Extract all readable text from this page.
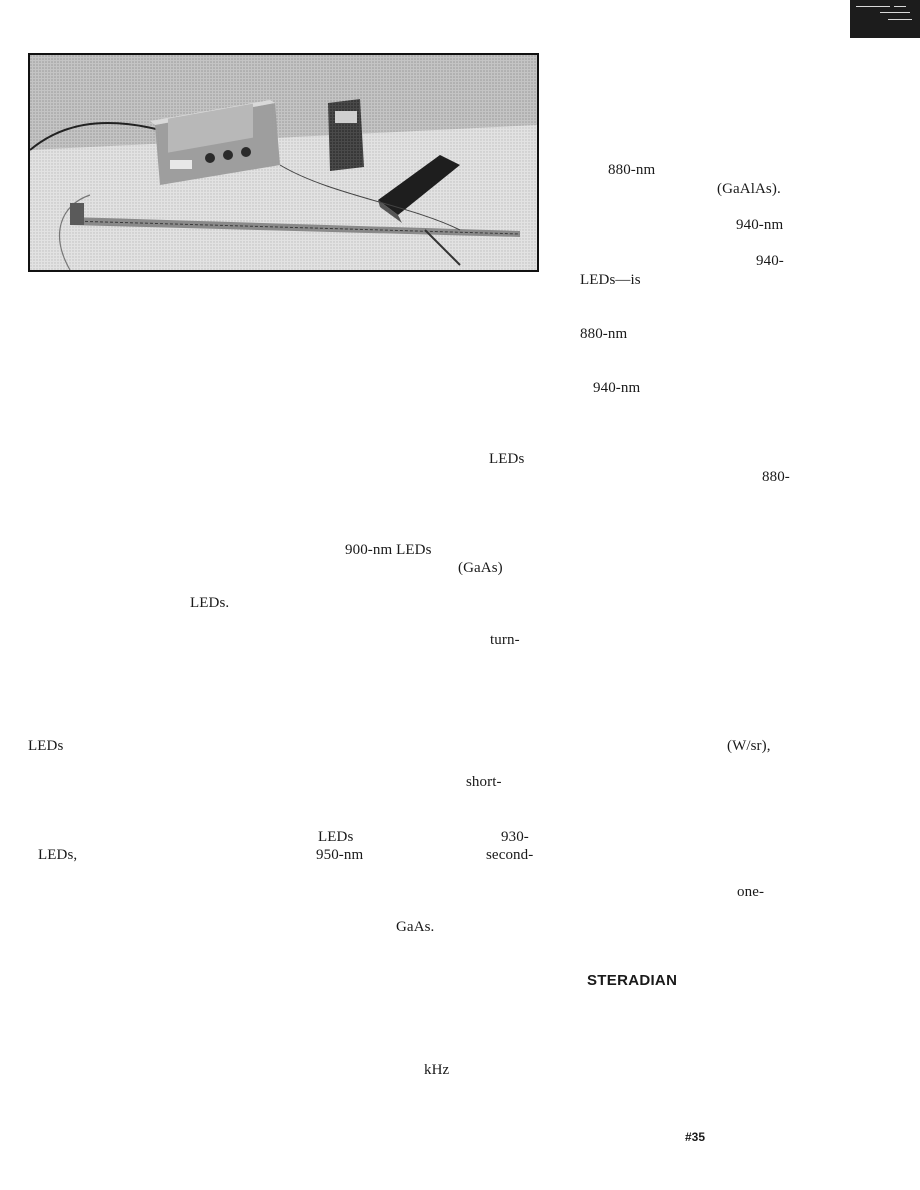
880-nm
(GaAlAs).
940-nm
940-
LEDs—is
880-nm
940-nm
880-
(W/sr),
one-
LEDs
900-nm LEDs
(GaAs)
LEDs.
turn-
LEDs
short-
LEDs	930-
LEDs,	950-nm	second-
GaAs.
kHz
STERADIAN
#35
